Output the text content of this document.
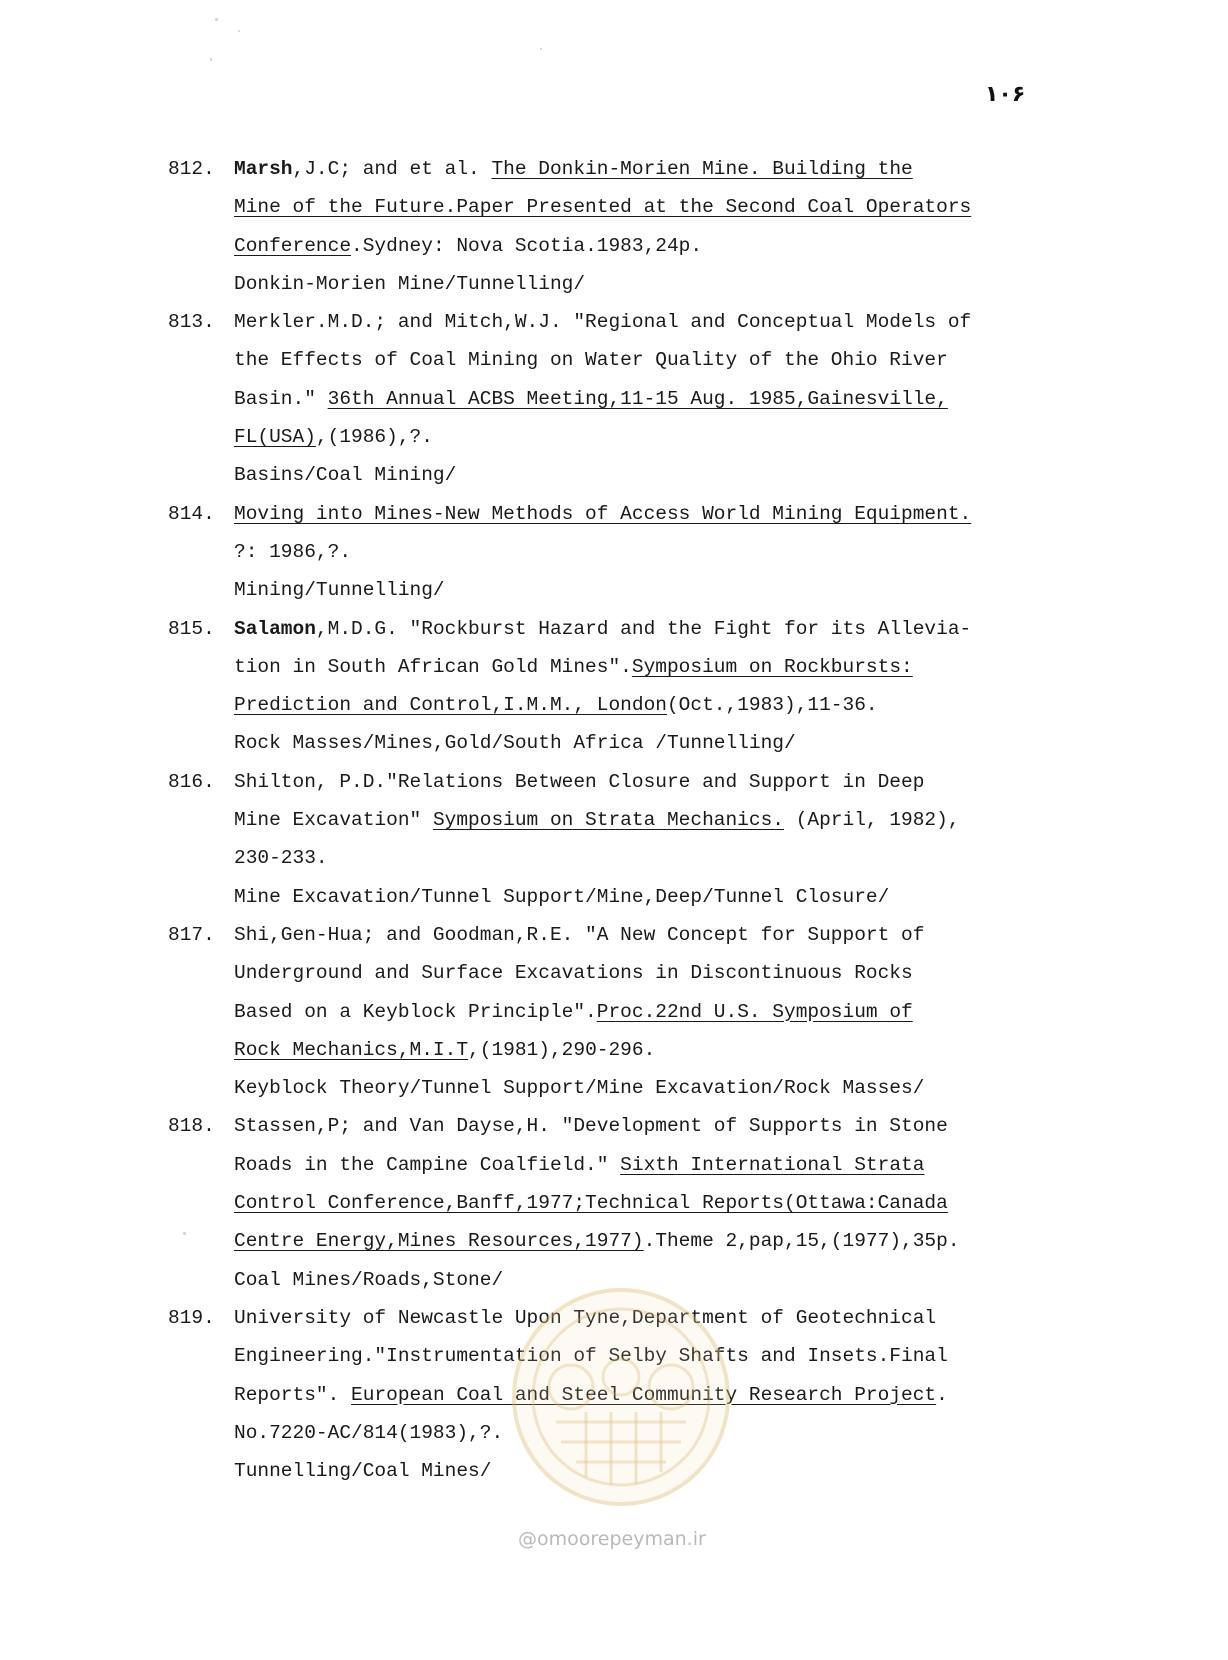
۱۰۶
812. Marsh,J.C; and et al. The Donkin-Morien Mine. Building the
Mine of the Future.Paper Presented at the Second Coal Operators
Conference.Sydney: Nova Scotia.1983,24p.
Donkin-Morien Mine/Tunnelling/
813. Merkler.M.D.; and Mitch,W.J. "Regional and Conceptual Models of
the Effects of Coal Mining on Water Quality of the Ohio River
Basin." 36th Annual ACBS Meeting,11-15 Aug. 1985,Gainesville,
FL(USA),(1986),?.
Basins/Coal Mining/
814. Moving into Mines-New Methods of Access World Mining Equipment.
?: 1986,?.
Mining/Tunnelling/
815. Salamon,M.D.G. "Rockburst Hazard and the Fight for its Allevia-
tion in South African Gold Mines".Symposium on Rockbursts:
Prediction and Control,I.M.M., London(Oct.,1983),11-36.
Rock Masses/Mines,Gold/South Africa /Tunnelling/
816. Shilton, P.D."Relations Between Closure and Support in Deep
Mine Excavation" Symposium on Strata Mechanics. (April, 1982),
230-233.
Mine Excavation/Tunnel Support/Mine,Deep/Tunnel Closure/
817. Shi,Gen-Hua; and Goodman,R.E. "A New Concept for Support of
Underground and Surface Excavations in Discontinuous Rocks
Based on a Keyblock Principle".Proc.22nd U.S. Symposium of
Rock Mechanics,M.I.T,(1981),290-296.
Keyblock Theory/Tunnel Support/Mine Excavation/Rock Masses/
818. Stassen,P; and Van Dayse,H. "Development of Supports in Stone
Roads in the Campine Coalfield." Sixth International Strata
Control Conference,Banff,1977;Technical Reports(Ottawa:Canada
Centre Energy,Mines Resources,1977).Theme 2,pap,15,(1977),35p.
Coal Mines/Roads,Stone/
819. University of Newcastle Upon Tyne,Department of Geotechnical
Engineering."Instrumentation of Selby Shafts and Insets.Final
Reports". European Coal and Steel Community Research Project.
No.7220-AC/814(1983),?.
Tunnelling/Coal Mines/
@omoorepeyman.ir
